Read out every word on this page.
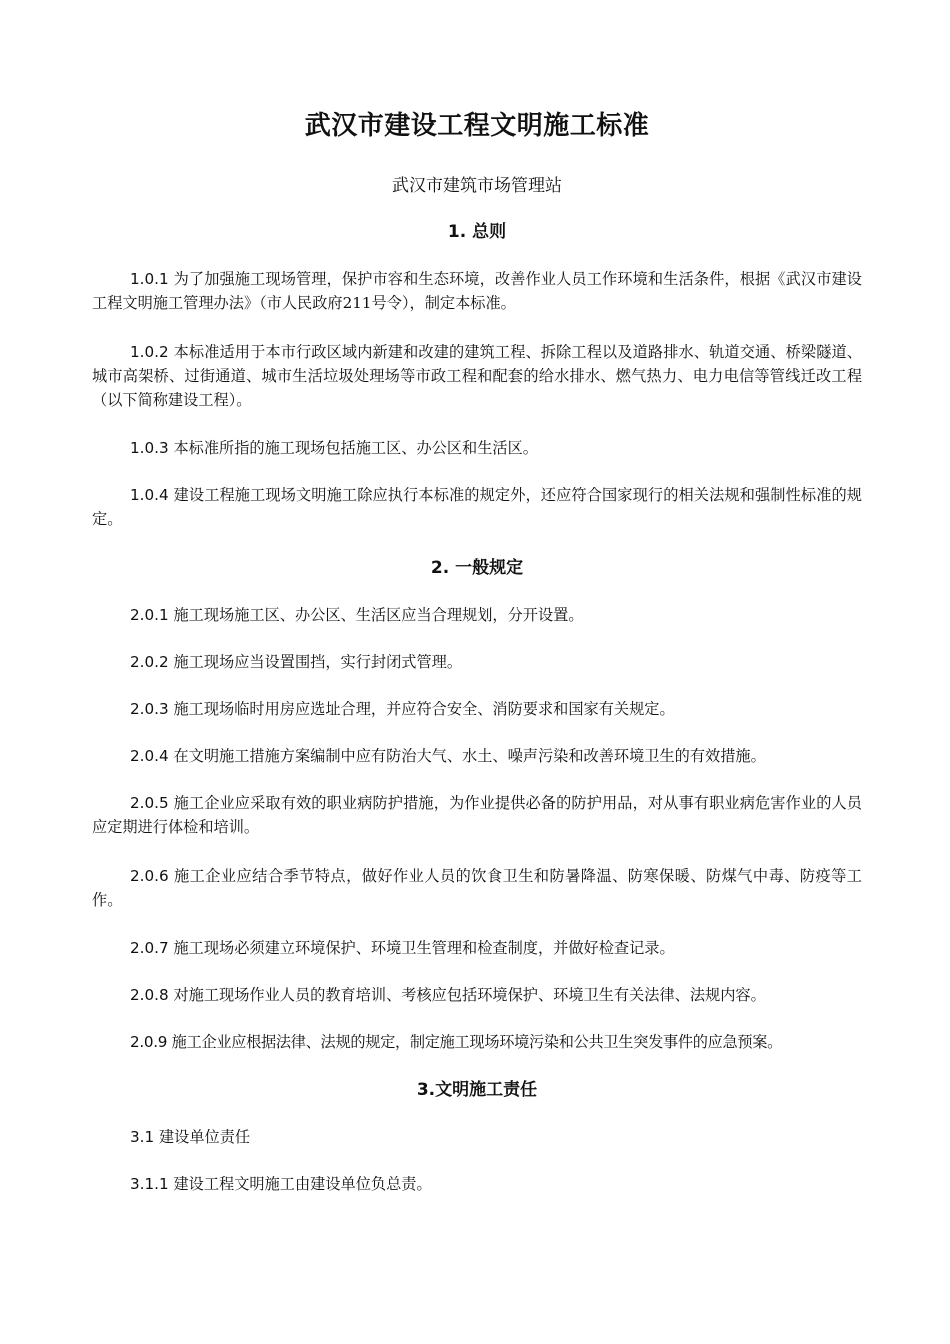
武汉市建设工程文明施工标准
武汉市建筑市场管理站
1. 总则

1.0.1 为了加强施工现场管理，保护市容和生态环境，改善作业人员工作环境和生活条件，根据《武汉市建设工程文明施工管理办法》（市人民政府211号令），制定本标准。

1.0.2 本标准适用于本市行政区域内新建和改建的建筑工程、拆除工程以及道路排水、轨道交通、桥梁隧道、城市高架桥、过街通道、城市生活垃圾处理场等市政工程和配套的给水排水、燃气热力、电力电信等管线迁改工程（以下简称建设工程）。

1.0.3 本标准所指的施工现场包括施工区、办公区和生活区。

1.0.4 建设工程施工现场文明施工除应执行本标准的规定外，还应符合国家现行的相关法规和强制性标准的规定。

2. 一般规定

2.0.1 施工现场施工区、办公区、生活区应当合理规划，分开设置。

2.0.2 施工现场应当设置围挡，实行封闭式管理。

2.0.3 施工现场临时用房应选址合理，并应符合安全、消防要求和国家有关规定。

2.0.4 在文明施工措施方案编制中应有防治大气、水土、噪声污染和改善环境卫生的有效措施。

2.0.5 施工企业应采取有效的职业病防护措施，为作业提供必备的防护用品，对从事有职业病危害作业的人员应定期进行体检和培训。

2.0.6 施工企业应结合季节特点，做好作业人员的饮食卫生和防暑降温、防寒保暖、防煤气中毒、防疫等工作。

2.0.7 施工现场必须建立环境保护、环境卫生管理和检查制度，并做好检查记录。

2.0.8 对施工现场作业人员的教育培训、考核应包括环境保护、环境卫生有关法律、法规内容。

2.0.9 施工企业应根据法律、法规的规定，制定施工现场环境污染和公共卫生突发事件的应急预案。

3.文明施工责任

3.1 建设单位责任

3.1.1 建设工程文明施工由建设单位负总责。
